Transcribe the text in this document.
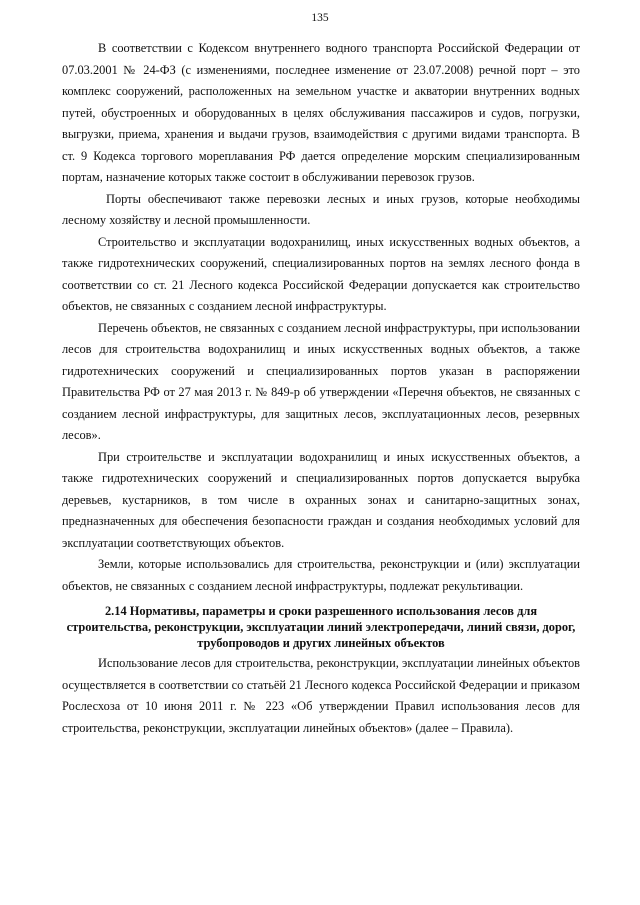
135

В соответствии с Кодексом внутреннего водного транспорта Российской Федерации от 07.03.2001 № 24-ФЗ (с изменениями, последнее изменение от 23.07.2008) речной порт – это комплекс сооружений, расположенных на земельном участке и акватории внутренних водных путей, обустроенных и оборудованных в целях обслуживания пассажиров и судов, погрузки, выгрузки, приема, хранения и выдачи грузов, взаимодействия с другими видами транспорта. В ст. 9 Кодекса торгового мореплавания РФ дается определение морским специализированным портам, назначение которых также состоит в обслуживании перевозок грузов.

Порты обеспечивают также перевозки лесных и иных грузов, которые необходимы лесному хозяйству и лесной промышленности.

Строительство и эксплуатации водохранилищ, иных искусственных водных объектов, а также гидротехнических сооружений, специализированных портов на землях лесного фонда в соответствии со ст. 21 Лесного кодекса Российской Федерации допускается как строительство объектов, не связанных с созданием лесной инфраструктуры.

Перечень объектов, не связанных с созданием лесной инфраструктуры, при использовании лесов для строительства водохранилищ и иных искусственных водных объектов, а также гидротехнических сооружений и специализированных портов указан в распоряжении Правительства РФ от 27 мая 2013 г. № 849-р об утверждении «Перечня объектов, не связанных с созданием лесной инфраструктуры, для защитных лесов, эксплуатационных лесов, резервных лесов».

При строительстве и эксплуатации водохранилищ и иных искусственных объектов, а также гидротехнических сооружений и специализированных портов допускается вырубка деревьев, кустарников, в том числе в охранных зонах и санитарно-защитных зонах, предназначенных для обеспечения безопасности граждан и создания необходимых условий для эксплуатации соответствующих объектов.

Земли, которые использовались для строительства, реконструкции и (или) эксплуатации объектов, не связанных с созданием лесной инфраструктуры, подлежат рекультивации.

2.14 Нормативы, параметры и сроки разрешенного использования лесов для строительства, реконструкции, эксплуатации линий электропередачи, линий связи, дорог, трубопроводов и других линейных объектов

Использование лесов для строительства, реконструкции, эксплуатации линейных объектов осуществляется в соответствии со статьёй 21 Лесного кодекса Российской Федерации и приказом Рослесхоза от 10 июня 2011 г. № 223 «Об утверждении Правил использования лесов для строительства, реконструкции, эксплуатации линейных объектов» (далее – Правила).
